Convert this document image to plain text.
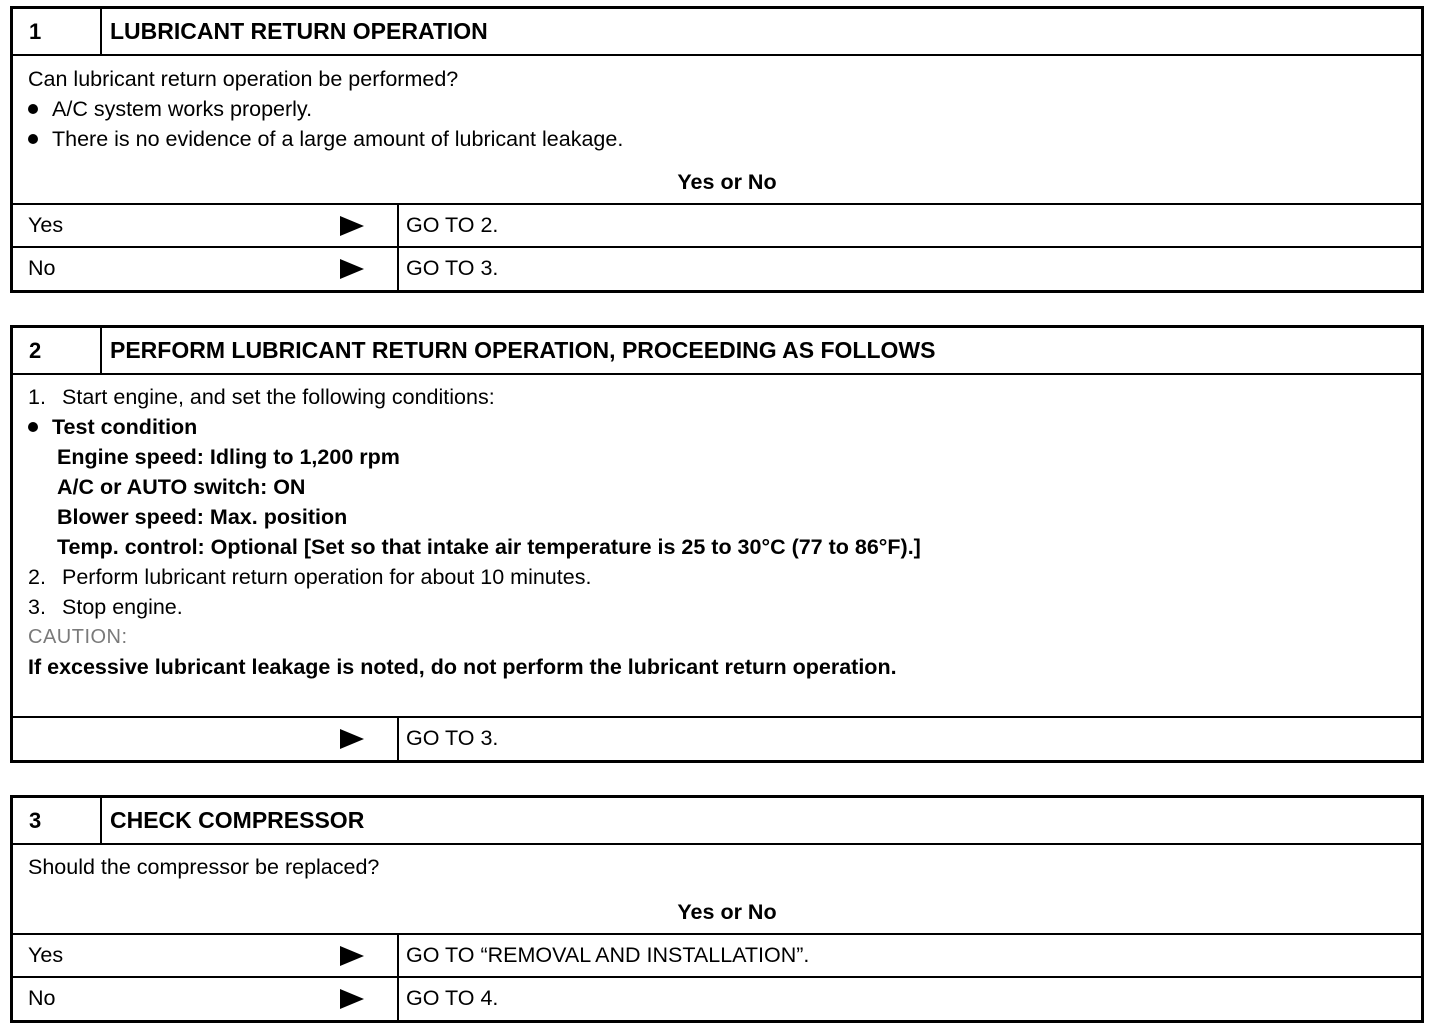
1	LUBRICANT RETURN OPERATION
Can lubricant return operation be performed?
A/C system works properly.
There is no evidence of a large amount of lubricant leakage.
Yes or No
Yes	GO TO 2.
No	GO TO 3.
2	PERFORM LUBRICANT RETURN OPERATION, PROCEEDING AS FOLLOWS
1. Start engine, and set the following conditions:
Test condition
Engine speed: Idling to 1,200 rpm
A/C or AUTO switch: ON
Blower speed: Max. position
Temp. control: Optional [Set so that intake air temperature is 25 to 30°C (77 to 86°F).]
2. Perform lubricant return operation for about 10 minutes.
3. Stop engine.
CAUTION:
If excessive lubricant leakage is noted, do not perform the lubricant return operation.
GO TO 3.
3	CHECK COMPRESSOR
Should the compressor be replaced?
Yes or No
Yes	GO TO “REMOVAL AND INSTALLATION”.
No	GO TO 4.
